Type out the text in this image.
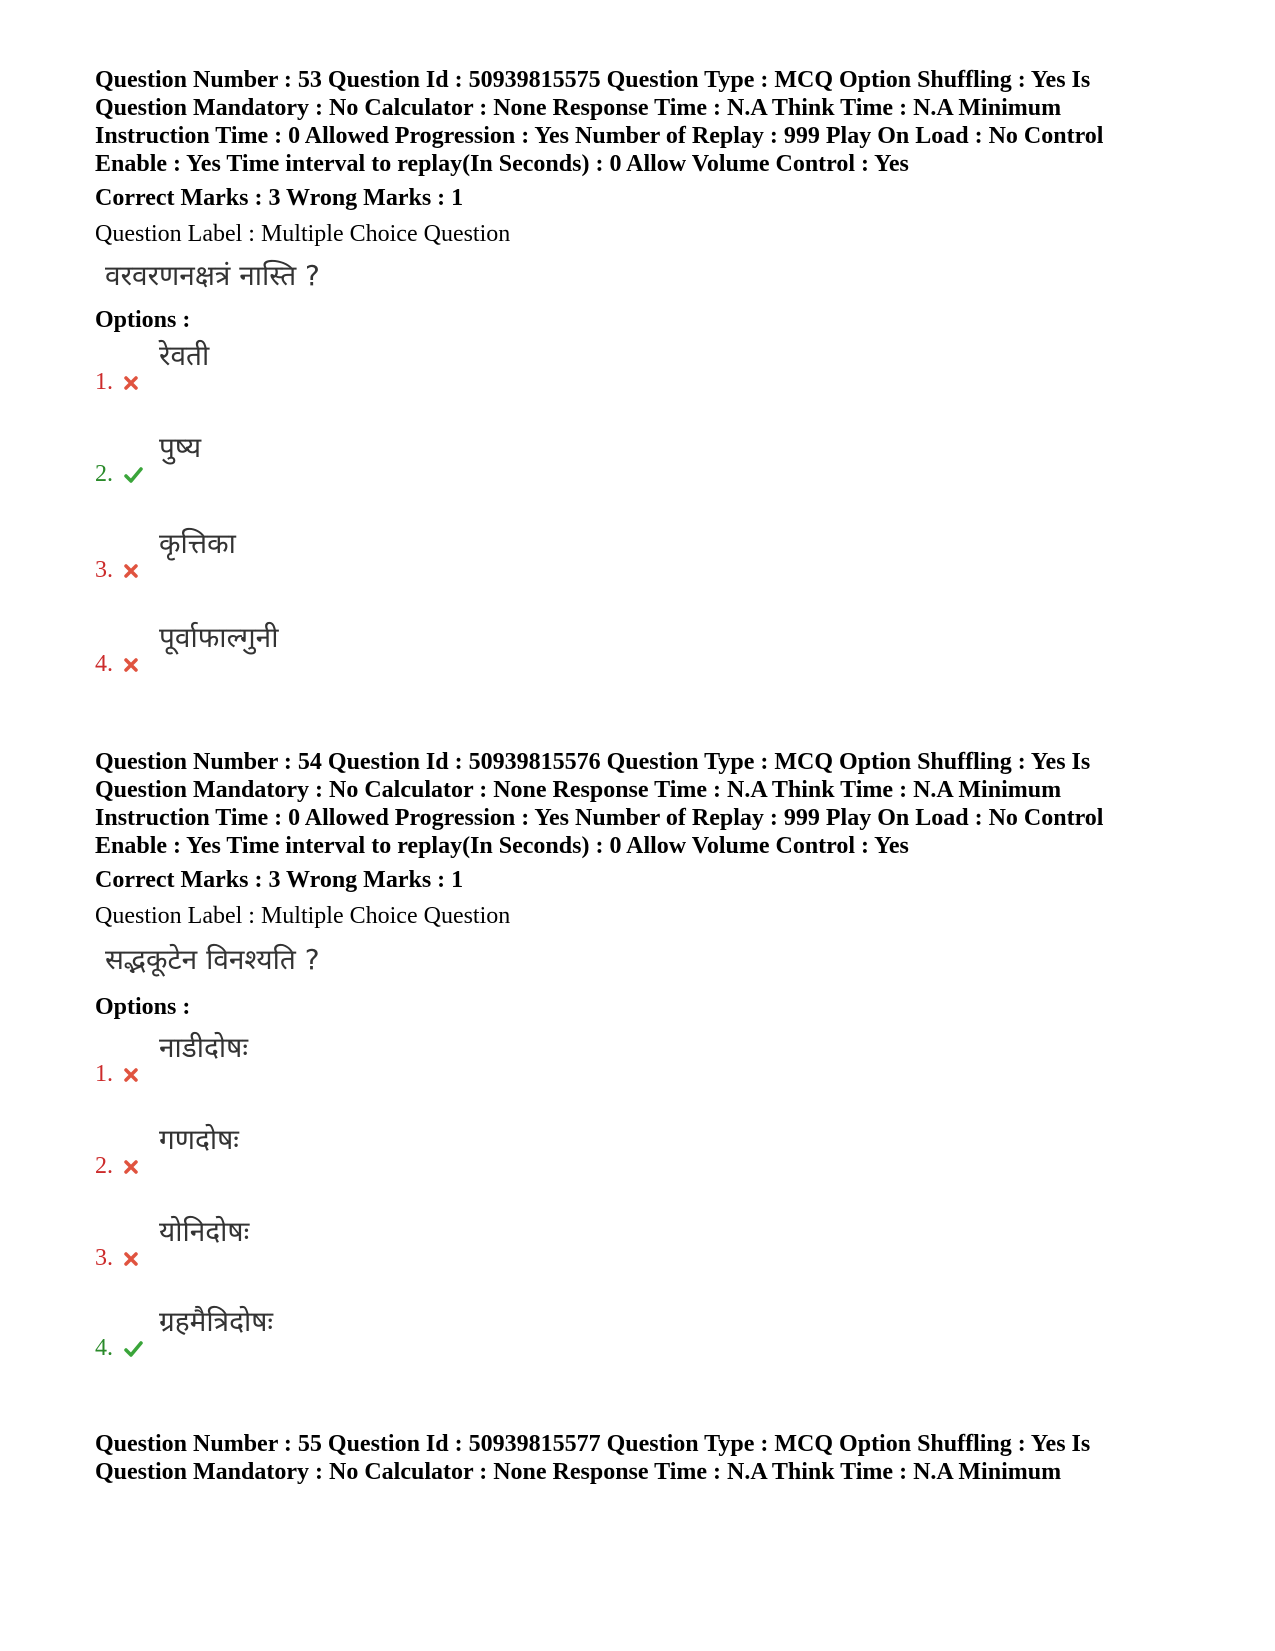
Question Number : 53 Question Id : 50939815575 Question Type : MCQ Option Shuffling : Yes Is

Question Mandatory : No Calculator : None Response Time : N.A Think Time : N.A Minimum

Instruction Time : 0 Allowed Progression : Yes Number of Replay : 999 Play On Load : No Control

Enable : Yes Time interval to replay(In Seconds) : 0 Allow Volume Control : Yes

Correct Marks : 3 Wrong Marks : 1

Question Label : Multiple Choice Question

वरवरणनक्षत्रं नास्ति ?
Options :
1.
रेवती
2.
पुष्य
3.
कृत्तिका
4.
पूर्वाफाल्गुनी

Question Number : 54 Question Id : 50939815576 Question Type : MCQ Option Shuffling : Yes Is

Question Mandatory : No Calculator : None Response Time : N.A Think Time : N.A Minimum

Instruction Time : 0 Allowed Progression : Yes Number of Replay : 999 Play On Load : No Control

Enable : Yes Time interval to replay(In Seconds) : 0 Allow Volume Control : Yes

Correct Marks : 3 Wrong Marks : 1

Question Label : Multiple Choice Question

सद्भकूटेन विनश्यति ?
Options :
1.
नाडीदोषः
2.
गणदोषः
3.
योनिदोषः
4.
ग्रहमैत्रिदोषः

Question Number : 55 Question Id : 50939815577 Question Type : MCQ Option Shuffling : Yes Is

Question Mandatory : No Calculator : None Response Time : N.A Think Time : N.A Minimum
